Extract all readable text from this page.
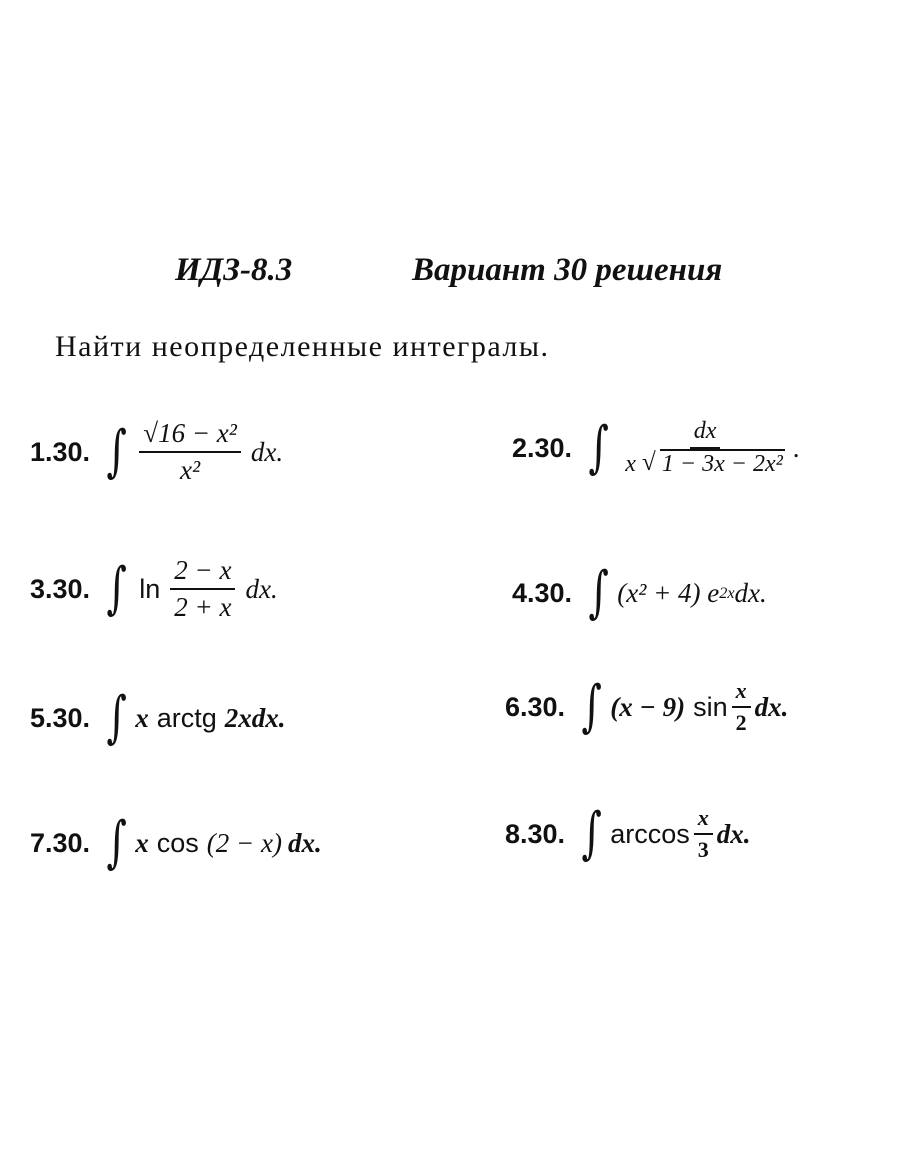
ИДЗ-8.3	Вариант 30 решения
Найти неопределенные интегралы.
1.30. ∫ $\frac{\text{√16 − x²}}{\text{x²}}$ dx.	2.30. ∫ $\frac{dx}{\text{x √ 1 − 3x − 2x²}}$ .
3.30. ∫ $\ln \frac{2 - x}{2 + x}$ dx.	4.30. ∫ (x² + 4) e 2x dx.
5.30. ∫ x arctg 2xdx.	6.30. ∫ (x − 9) $\sin \frac{x}{2}$ dx.
7.30. ∫ x cos (2 − x) dx.	8.30. ∫ $\arccos \frac{x}{3}$ dx.
